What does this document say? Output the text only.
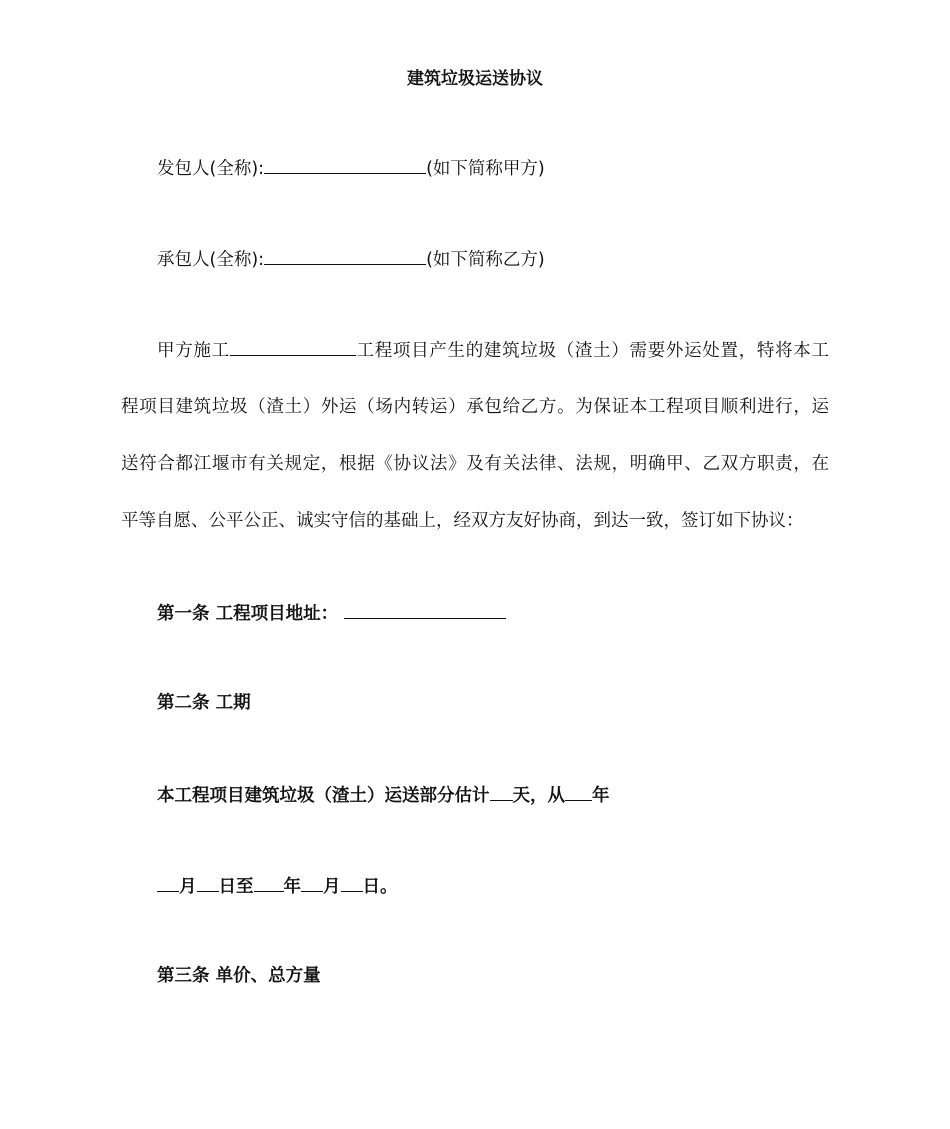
建筑垃圾运送协议
发包人(全称):	(如下简称甲方)
承包人(全称):	(如下简称乙方)
甲方施工	工程项目产生的建筑垃圾（渣土）需要外运处置，特将本工
程项目建筑垃圾（渣土）外运（场内转运）承包给乙方。为保证本工程项目顺利进行，运
送符合都江堰市有关规定，根据《协议法》及有关法律、法规，明确甲、乙双方职责，在
平等自愿、公平公正、诚实守信的基础上，经双方友好协商，到达一致，签订如下协议：
第一条 工程项目地址：
第二条 工期
本工程项目建筑垃圾（渣土）运送部分估计 天，从 年
月 日至 年 月 日。
第三条 单价、总方量
